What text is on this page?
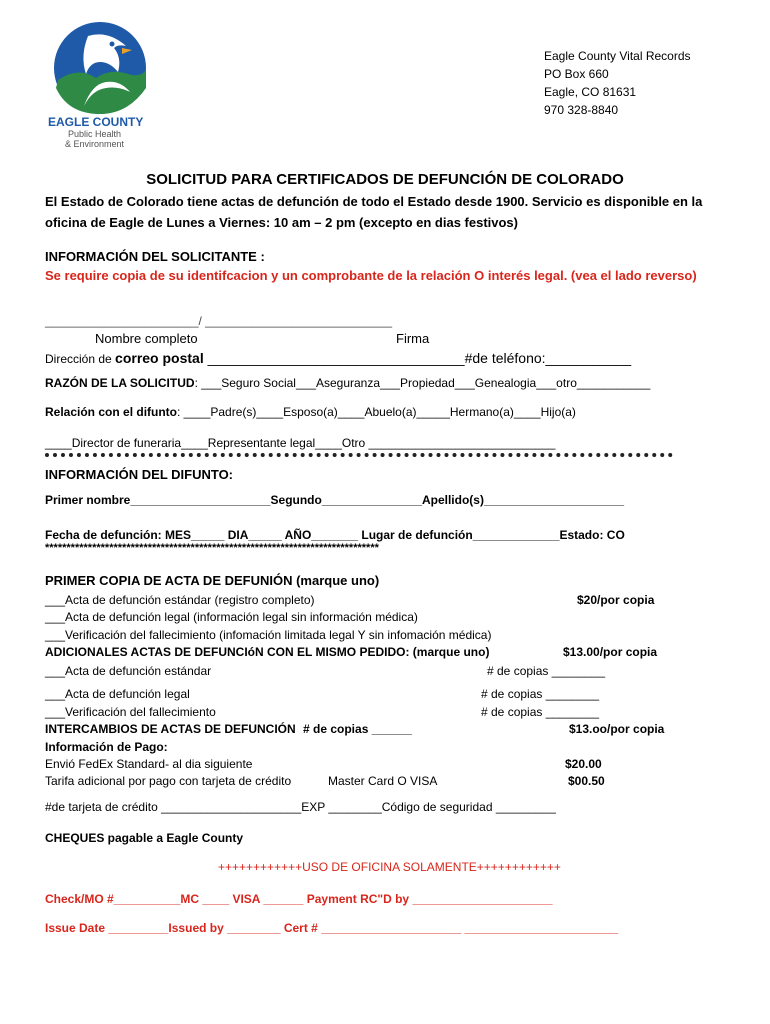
EAGLE COUNTY
Public Health
& Environment
Eagle County Vital Records
PO Box 660
Eagle, CO 81631
970 328-8840
SOLICITUD PARA CERTIFICADOS DE DEFUNCIÓN DE COLORADO
El Estado de Colorado tiene actas de defunción de todo el Estado desde 1900. Servicio es disponible en la oficina de Eagle de Lunes a Viernes: 10 am – 2 pm (excepto en dias festivos)
INFORMACIÓN DEL SOLICITANTE :
Se require copia de su identifcacion y un comprobante de la relación O interés legal. (vea el lado reverso)
_______________________/ ____________________________
Nombre completo	Firma
Dirección de correo postal _________________________________#de teléfono:___________
RAZÓN DE LA SOLICITUD: ___Seguro Social___Aseguranza___Propiedad___Genealogia___otro___________
Relación con el difunto: ____Padre(s)____Esposo(a)____Abuelo(a)_____Hermano(a)____Hijo(a)
____Director de funeraria____Representante legal____Otro ____________________________
INFORMACIÓN DEL DIFUNTO:
Primer nombre_____________________Segundo_______________Apellido(s)_____________________
Fecha de defunción: MES_____ DIA_____ AÑO_______ Lugar de defunción_____________Estado: CO
******************************************************************************
PRIMER COPIA DE ACTA DE DEFUNIÓN (marque uno)
___Acta de defunción estándar (registro completo)	$20/por copia
___Acta de defunción legal (información legal sin información médica)
___Verificación del fallecimiento (infomación limitada legal Y sin infomación médica)
ADICIONALES ACTAS DE DEFUNCIóN CON EL MISMO PEDIDO: (marque uno)	$13.00/por copia
___Acta de defunción estándar	# de copias ________
___Acta de defunción legal	# de copias ________
___Verificación del fallecimiento	# de copias ________
INTERCAMBIOS DE ACTAS DE DEFUNCIÓN # de copias ______	$13.oo/por copia
Información de Pago:
Envió FedEx Standard- al dia siguiente	$20.00
Tarifa adicional por pago con tarjeta de crédito	Master Card O VISA	$00.50
#de tarjeta de crédito _____________________EXP ________Código de seguridad _________
CHEQUES pagable a Eagle County
++++++++++++USO DE OFICINA SOLAMENTE++++++++++++
Check/MO #__________MC ____ VISA ______ Payment RC"D by _____________________
Issue Date _________Issued by ________ Cert # _____________________ _______________________
